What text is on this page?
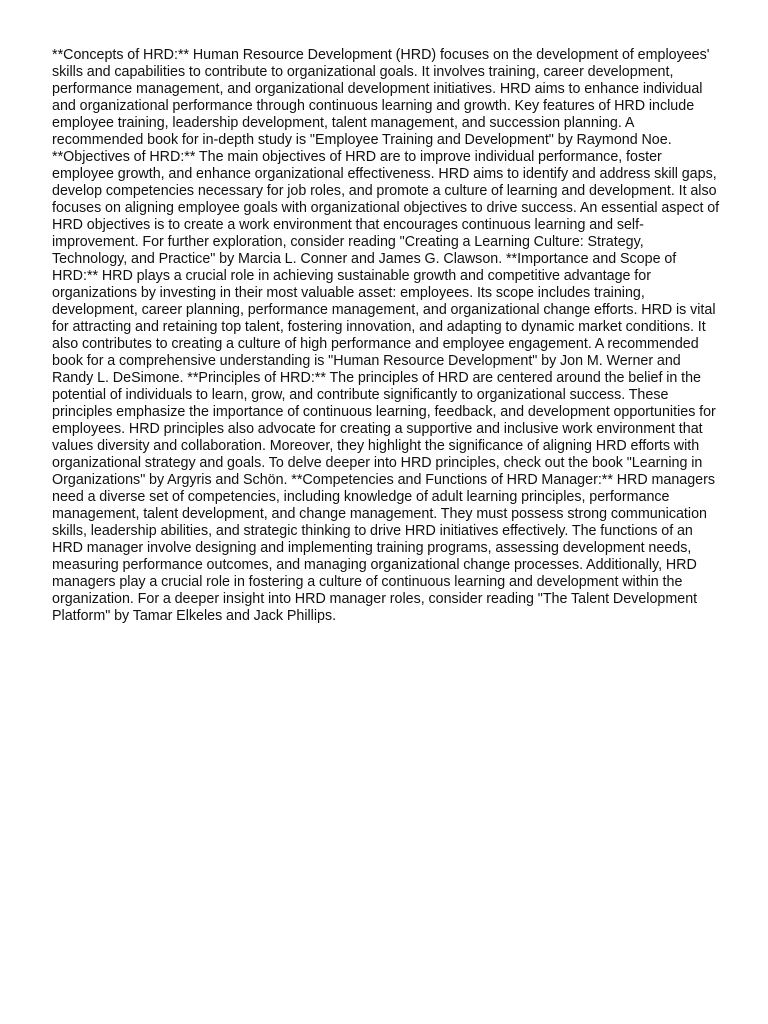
**Concepts of HRD:** Human Resource Development (HRD) focuses on the development of employees' skills and capabilities to contribute to organizational goals. It involves training, career development, performance management, and organizational development initiatives. HRD aims to enhance individual and organizational performance through continuous learning and growth. Key features of HRD include employee training, leadership development, talent management, and succession planning. A recommended book for in-depth study is "Employee Training and Development" by Raymond Noe. **Objectives of HRD:** The main objectives of HRD are to improve individual performance, foster employee growth, and enhance organizational effectiveness. HRD aims to identify and address skill gaps, develop competencies necessary for job roles, and promote a culture of learning and development. It also focuses on aligning employee goals with organizational objectives to drive success. An essential aspect of HRD objectives is to create a work environment that encourages continuous learning and self-improvement. For further exploration, consider reading "Creating a Learning Culture: Strategy, Technology, and Practice" by Marcia L. Conner and James G. Clawson. **Importance and Scope of HRD:** HRD plays a crucial role in achieving sustainable growth and competitive advantage for organizations by investing in their most valuable asset: employees. Its scope includes training, development, career planning, performance management, and organizational change efforts. HRD is vital for attracting and retaining top talent, fostering innovation, and adapting to dynamic market conditions. It also contributes to creating a culture of high performance and employee engagement. A recommended book for a comprehensive understanding is "Human Resource Development" by Jon M. Werner and Randy L. DeSimone. **Principles of HRD:** The principles of HRD are centered around the belief in the potential of individuals to learn, grow, and contribute significantly to organizational success. These principles emphasize the importance of continuous learning, feedback, and development opportunities for employees. HRD principles also advocate for creating a supportive and inclusive work environment that values diversity and collaboration. Moreover, they highlight the significance of aligning HRD efforts with organizational strategy and goals. To delve deeper into HRD principles, check out the book "Learning in Organizations" by Argyris and Schön. **Competencies and Functions of HRD Manager:** HRD managers need a diverse set of competencies, including knowledge of adult learning principles, performance management, talent development, and change management. They must possess strong communication skills, leadership abilities, and strategic thinking to drive HRD initiatives effectively. The functions of an HRD manager involve designing and implementing training programs, assessing development needs, measuring performance outcomes, and managing organizational change processes. Additionally, HRD managers play a crucial role in fostering a culture of continuous learning and development within the organization. For a deeper insight into HRD manager roles, consider reading "The Talent Development Platform" by Tamar Elkeles and Jack Phillips.
